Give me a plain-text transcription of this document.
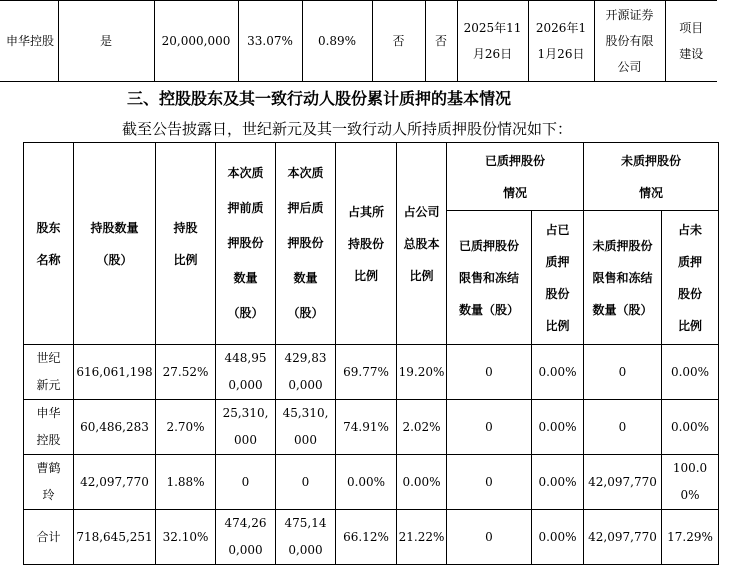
申华控股	是	20,000,000	33.07%	0.89%	否	否	2025年11月26日	2026年11月26日	开源证券股份有限公司	项目建设

三、控股股东及其一致行动人股份累计质押的基本情况

截至公告披露日，世纪新元及其一致行动人所持质押股份情况如下：

股东名称	持股数量（股）	持股比例	本次质押前质押股份数量（股）	本次质押后质押股份数量（股）	占其所持股份比例	占公司总股本比例	已质押股份情况		未质押股份情况	
							已质押股份限售和冻结数量（股）	占已质押股份比例	未质押股份限售和冻结数量（股）	占未质押股份比例
世纪新元	616,061,198	27.52%	448,950,000	429,830,000	69.77%	19.20%	0	0.00%	0	0.00%
申华控股	60,486,283	2.70%	25,310,000	45,310,000	74.91%	2.02%	0	0.00%	0	0.00%
曹鹤玲	42,097,770	1.88%	0	0	0.00%	0.00%	0	0.00%	42,097,770	100.00%
合计	718,645,251	32.10%	474,260,000	475,140,000	66.12%	21.22%	0	0.00%	42,097,770	17.29%
